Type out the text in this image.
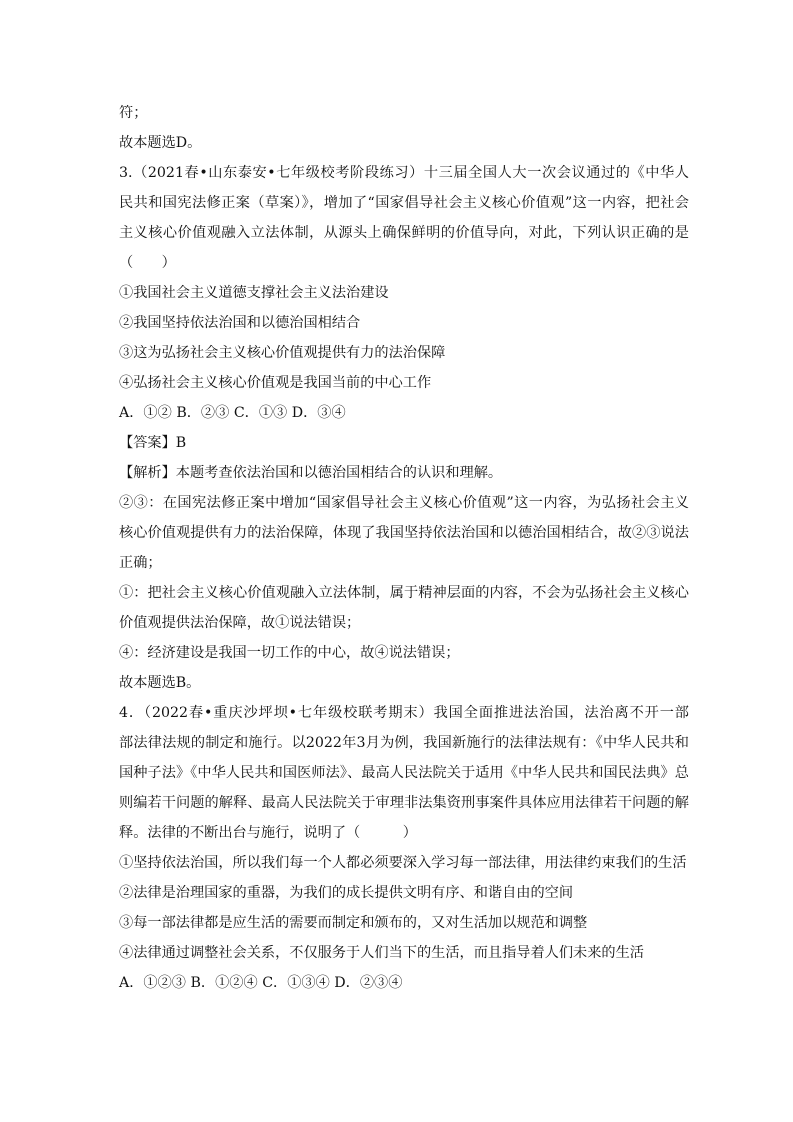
符；
故本题选D。
3.（2021春•山东泰安•七年级校考阶段练习）十三届全国人大一次会议通过的《中华人
民共和国宪法修正案（草案）》，增加了“国家倡导社会主义核心价值观”这一内容，把社会
主义核心价值观融入立法体制，从源头上确保鲜明的价值导向，对此，下列认识正确的是
（　　）
①我国社会主义道德支撑社会主义法治建设
②我国坚持依法治国和以德治国相结合
③这为弘扬社会主义核心价值观提供有力的法治保障
④弘扬社会主义核心价值观是我国当前的中心工作
A．①② B．②③ C．①③ D．③④
【答案】B
【解析】本题考查依法治国和以德治国相结合的认识和理解。
②③：在国宪法修正案中增加“国家倡导社会主义核心价值观”这一内容，为弘扬社会主义
核心价值观提供有力的法治保障，体现了我国坚持依法治国和以德治国相结合，故②③说法
正确；
①：把社会主义核心价值观融入立法体制，属于精神层面的内容，不会为弘扬社会主义核心
价值观提供法治保障，故①说法错误；
④：经济建设是我国一切工作的中心，故④说法错误；
故本题选B。
4．（2022春•重庆沙坪坝•七年级校联考期末）我国全面推进法治国，法治离不开一部
部法律法规的制定和施行。以2022年3月为例，我国新施行的法律法规有：《中华人民共和
国种子法》《中华人民共和国医师法》、最高人民法院关于适用《中华人民共和国民法典》总
则编若干问题的解释、最高人民法院关于审理非法集资刑事案件具体应用法律若干问题的解
释。法律的不断出台与施行，说明了（　　　）
①坚持依法治国，所以我们每一个人都必须要深入学习每一部法律，用法律约束我们的生活
②法律是治理国家的重器，为我们的成长提供文明有序、和谐自由的空间
③每一部法律都是应生活的需要而制定和颁布的，又对生活加以规范和调整
④法律通过调整社会关系，不仅服务于人们当下的生活，而且指导着人们未来的生活
A．①②③ B．①②④ C．①③④ D．②③④
